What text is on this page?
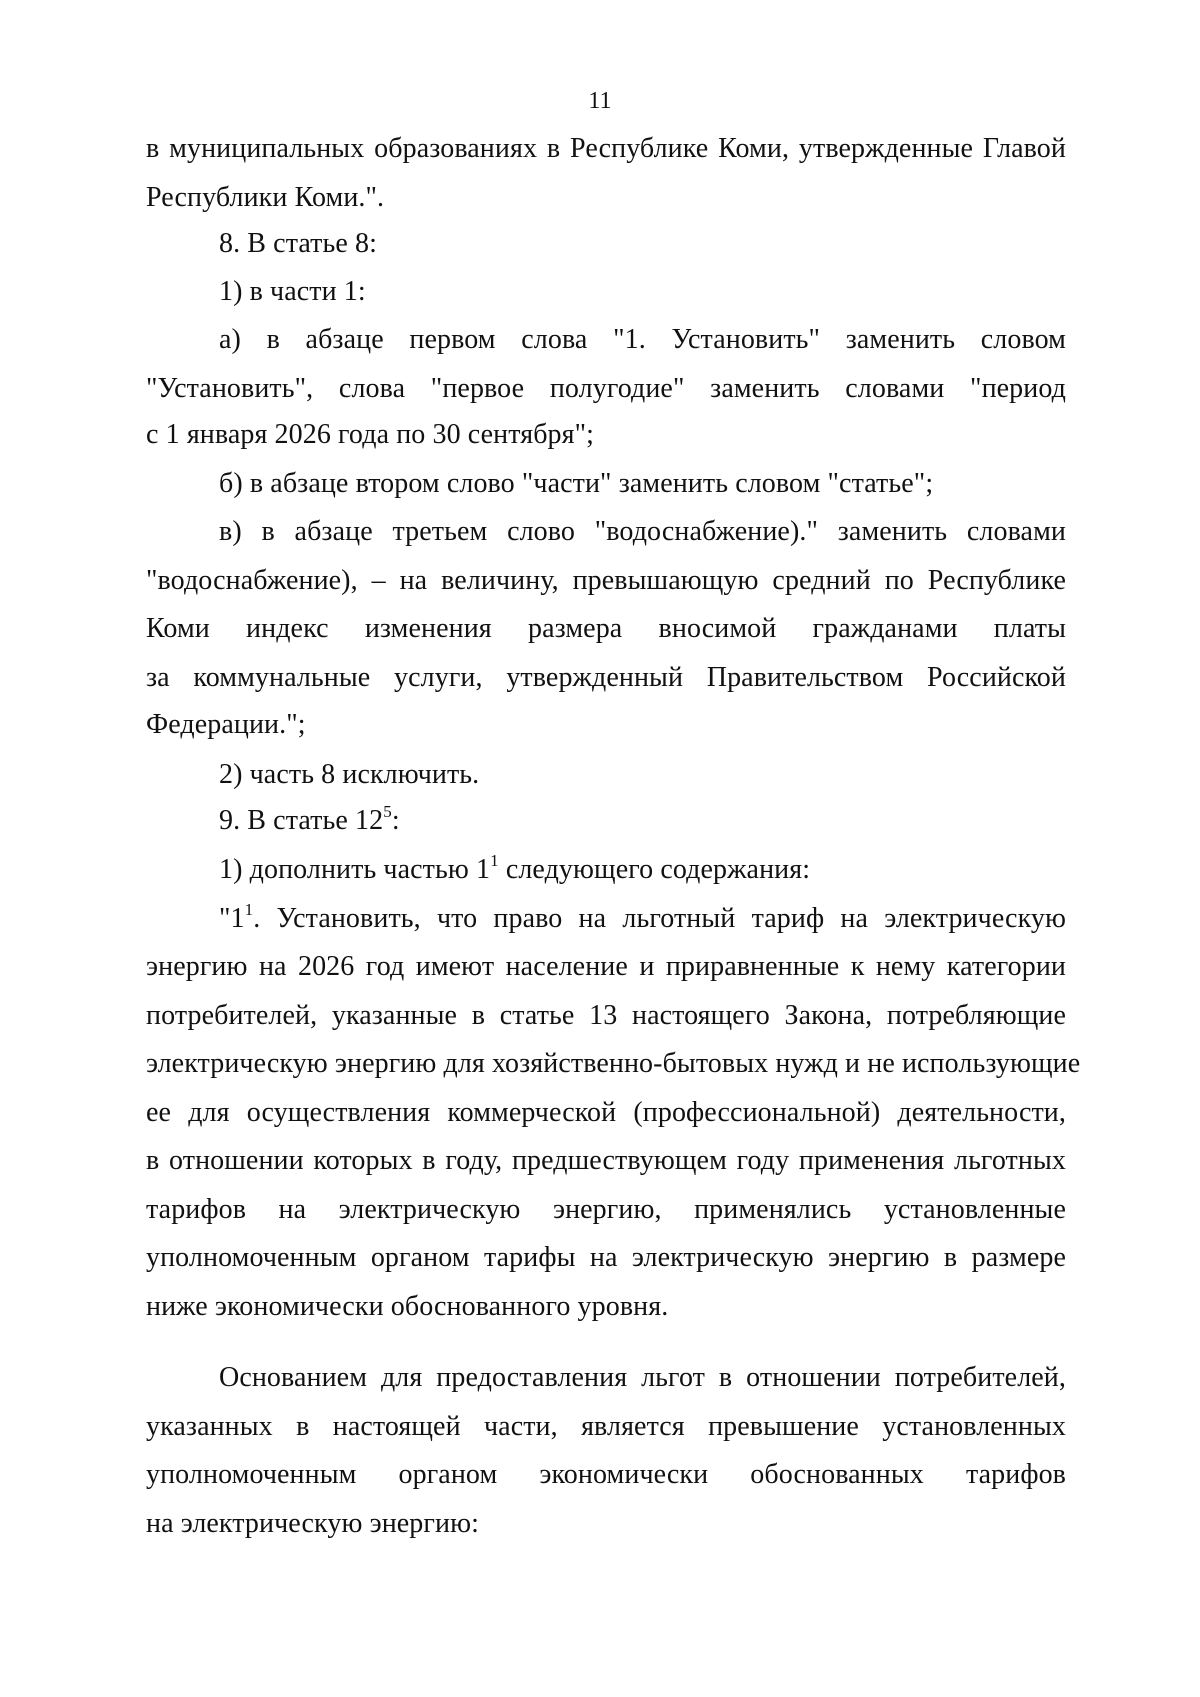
11
в муниципальных образованиях в Республике Коми, утвержденные Главой
Республики Коми.".
8. В статье 8:
1) в части 1:
а) в абзаце первом слова "1. Установить" заменить словом
"Установить", слова "первое полугодие" заменить словами "период
с 1 января 2026 года по 30 сентября";
б) в абзаце втором слово "части" заменить словом "статье";
в) в абзаце третьем слово "водоснабжение)." заменить словами
"водоснабжение), – на величину, превышающую средний по Республике
Коми индекс изменения размера вносимой гражданами платы
за коммунальные услуги, утвержденный Правительством Российской
Федерации.";
2) часть 8 исключить.
9. В статье $12^5$:
1) дополнить частью $1^1$ следующего содержания:
"$1^1$. Установить, что право на льготный тариф на электрическую
энергию на 2026 год имеют население и приравненные к нему категории
потребителей, указанные в статье 13 настоящего Закона, потребляющие
электрическую энергию для хозяйственно-бытовых нужд и не использующие
ее для осуществления коммерческой (профессиональной) деятельности,
в отношении которых в году, предшествующем году применения льготных
тарифов на электрическую энергию, применялись установленные
уполномоченным органом тарифы на электрическую энергию в размере
ниже экономически обоснованного уровня.
Основанием для предоставления льгот в отношении потребителей,
указанных в настоящей части, является превышение установленных
уполномоченным органом экономически обоснованных тарифов
на электрическую энергию:
